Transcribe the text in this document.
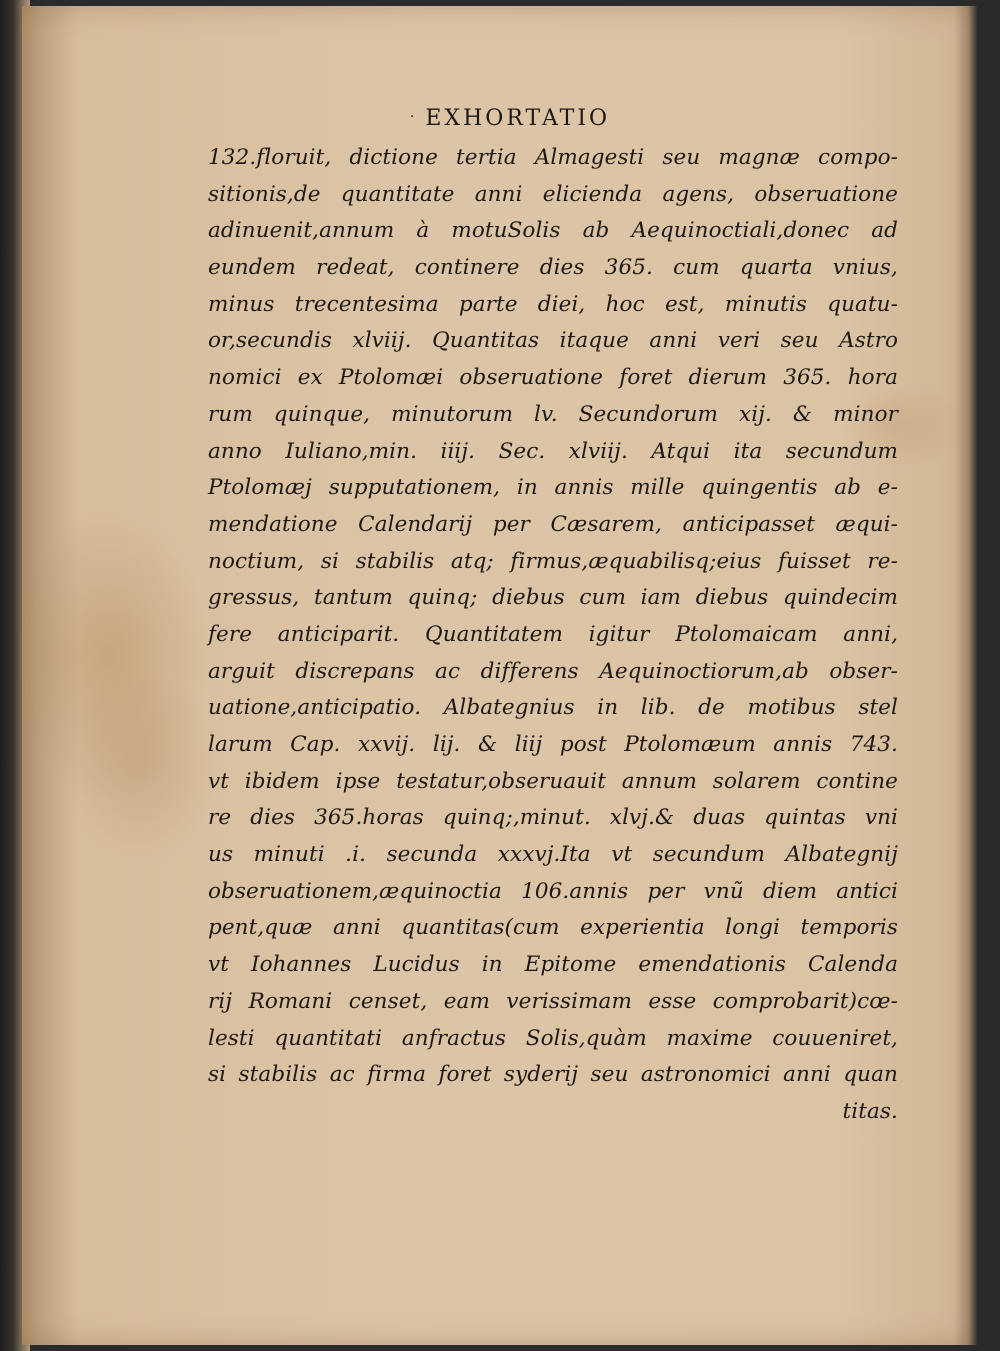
· EXHORTATIO
132.floruit, dictione tertia Almagesti seu magnæ compo-
sitionis,de quantitate anni elicienda agens, obseruatione
adinuenit,annum à motuSolis ab Aequinoctiali,donec ad
eundem redeat, continere dies 365. cum quarta vnius,
minus trecentesima parte diei, hoc est, minutis quatu-
or,secundis xlviij. Quantitas itaque anni veri seu Astro
nomici ex Ptolomæi obseruatione foret dierum 365. hora
rum quinque, minutorum lv. Secundorum xij. & minor
anno Iuliano,min. iiij. Sec. xlviij. Atqui ita secundum
Ptolomæj supputationem, in annis mille quingentis ab e-
mendatione Calendarij per Cæsarem, anticipasset æqui-
noctium, si stabilis atq; firmus,æquabilisq;eius fuisset re-
gressus, tantum quinq; diebus cum iam diebus quindecim
fere anticiparit. Quantitatem igitur Ptolomaicam anni,
arguit discrepans ac differens Aequinoctiorum,ab obser-
uatione,anticipatio. Albategnius in lib. de motibus stel
larum Cap. xxvij. lij. & liij post Ptolomæum annis 743.
vt ibidem ipse testatur,obseruauit annum solarem contine
re dies 365.horas quinq;,minut. xlvj.& duas quintas vni
us minuti .i. secunda xxxvj.Ita vt secundum Albategnij
obseruationem,æquinoctia 106.annis per vnũ diem antici
pent,quæ anni quantitas(cum experientia longi temporis
vt Iohannes Lucidus in Epitome emendationis Calenda
rij Romani censet, eam verissimam esse comprobarit)cœ-
lesti quantitati anfractus Solis,quàm maxime couueniret,
si stabilis ac firma foret syderij seu astronomici anni quan
titas.
